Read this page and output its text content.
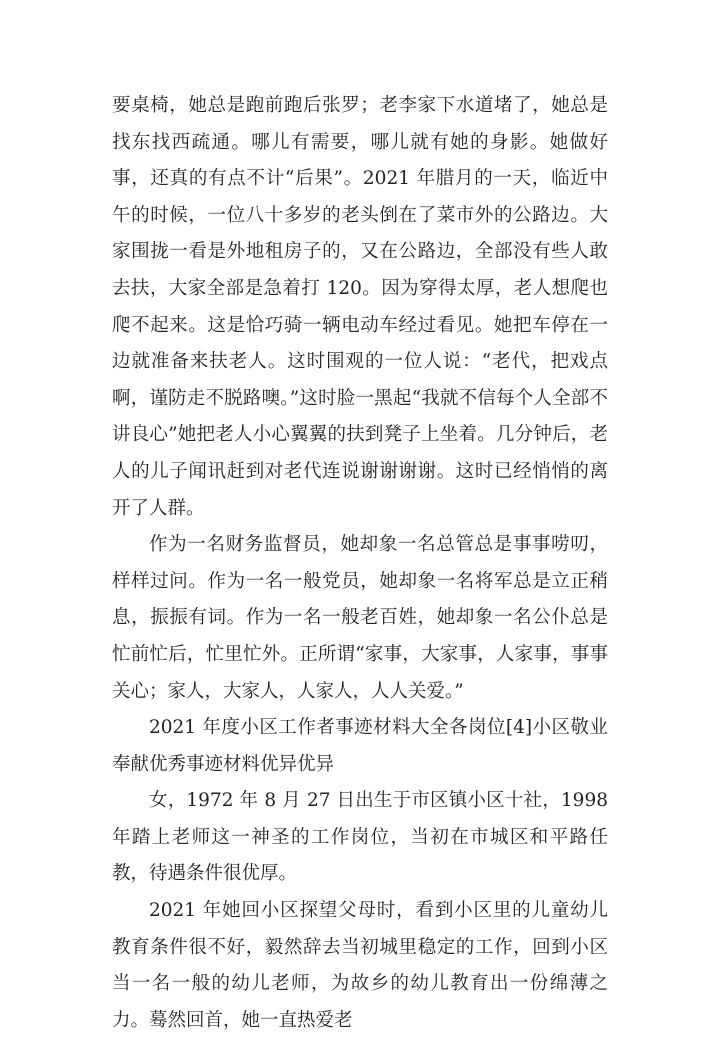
要桌椅，她总是跑前跑后张罗；老李家下水道堵了，她总是找东找西疏通。哪儿有需要，哪儿就有她的身影。她做好事，还真的有点不计“后果”。2021 年腊月的一天，临近中午的时候，一位八十多岁的老头倒在了菜市外的公路边。大家围拢一看是外地租房子的，又在公路边，全部没有些人敢去扶，大家全部是急着打 120。因为穿得太厚，老人想爬也爬不起来。这是恰巧骑一辆电动车经过看见。她把车停在一边就准备来扶老人。这时围观的一位人说：“老代，把戏点啊，谨防走不脱路噢。”这时脸一黑起“我就不信每个人全部不讲良心”她把老人小心翼翼的扶到凳子上坐着。几分钟后，老人的儿子闻讯赶到对老代连说谢谢谢谢。这时已经悄悄的离开了人群。

作为一名财务监督员，她却象一名总管总是事事唠叨，样样过问。作为一名一般党员，她却象一名将军总是立正稍息，振振有词。作为一名一般老百姓，她却象一名公仆总是忙前忙后，忙里忙外。正所谓“家事，大家事，人家事，事事关心；家人，大家人，人家人，人人关爱。”

2021 年度小区工作者事迹材料大全各岗位[4]小区敬业奉献优秀事迹材料优异优异

女，1972 年 8 月 27 日出生于市区镇小区十社，1998 年踏上老师这一神圣的工作岗位，当初在市城区和平路任教，待遇条件很优厚。

2021 年她回小区探望父母时，看到小区里的儿童幼儿教育条件很不好，毅然辞去当初城里稳定的工作，回到小区当一名一般的幼儿老师，为故乡的幼儿教育出一份绵薄之力。蓦然回首，她一直热爱老
